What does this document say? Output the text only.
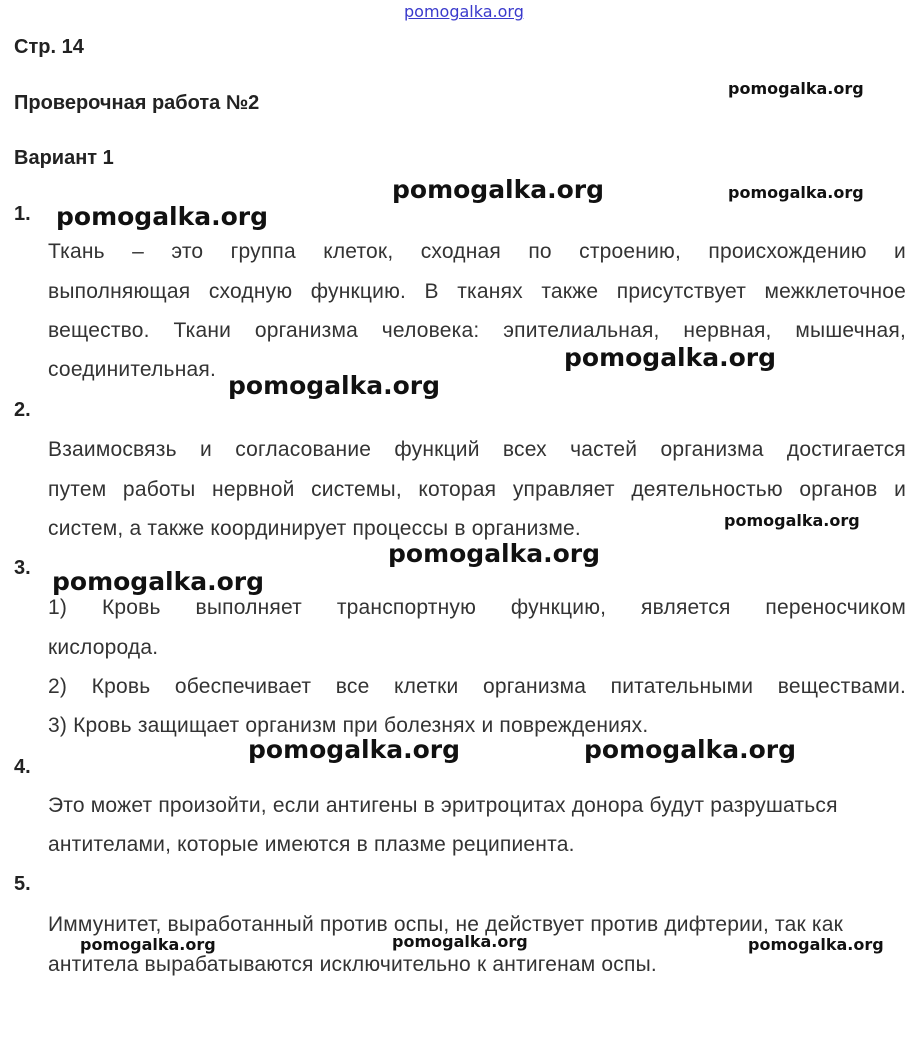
pomogalka.org
Стр. 14
Проверочная работа №2
Вариант 1
1.
Ткань – это группа клеток, сходная по строению, происхождению и
выполняющая сходную функцию. В тканях также присутствует межклеточное
вещество. Ткани организма человека: эпителиальная, нервная, мышечная,
соединительная.
2.
Взаимосвязь и согласование функций всех частей организма достигается
путем работы нервной системы, которая управляет деятельностью органов и
систем, а также координирует процессы в организме.
3.
1) Кровь выполняет транспортную функцию, является переносчиком
кислорода.
2) Кровь обеспечивает все клетки организма питательными веществами.
3) Кровь защищает организм при болезнях и повреждениях.
4.
Это может произойти, если антигены в эритроцитах донора будут разрушаться
антителами, которые имеются в плазме реципиента.
5.
Иммунитет, выработанный против оспы, не действует против дифтерии, так как
антитела вырабатываются исключительно к антигенам оспы.
pomogalka.org
pomogalka.org	pomogalka.org
pomogalka.org
pomogalka.org
pomogalka.org
pomogalka.org
pomogalka.org
pomogalka.org
pomogalka.org	pomogalka.org
pomogalka.org
pomogalka.org	pomogalka.org
